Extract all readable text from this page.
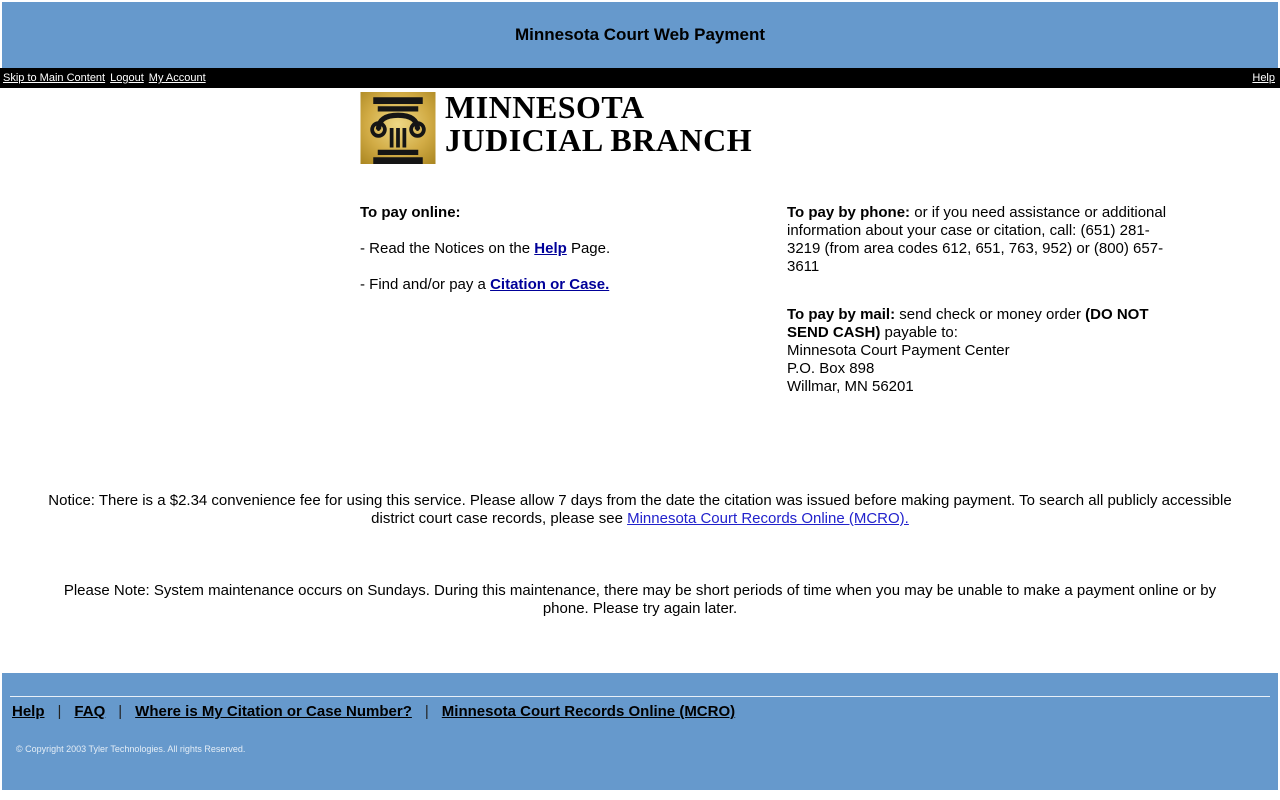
Minnesota Court Web Payment
Skip to Main Content Logout My Account	Help
MINNESOTA
JUDICIAL BRANCH
To pay online:

- Read the Notices on the Help Page.

- Find and/or pay a Citation or Case.

To pay by phone: or if you need assistance or additional information about your case or citation, call: (651) 281-3219 (from area codes 612, 651, 763, 952) or (800) 657-3611

To pay by mail: send check or money order (DO NOT SEND CASH) payable to:
Minnesota Court Payment Center
P.O. Box 898
Willmar, MN 56201

Notice: There is a $2.34 convenience fee for using this service. Please allow 7 days from the date the citation was issued before making payment. To search all publicly accessible district court case records, please see Minnesota Court Records Online (MCRO).

Please Note: System maintenance occurs on Sundays. During this maintenance, there may be short periods of time when you may be unable to make a payment online or by phone. Please try again later.

Help | FAQ | Where is My Citation or Case Number? | Minnesota Court Records Online (MCRO)
© Copyright 2003 Tyler Technologies. All rights Reserved.
